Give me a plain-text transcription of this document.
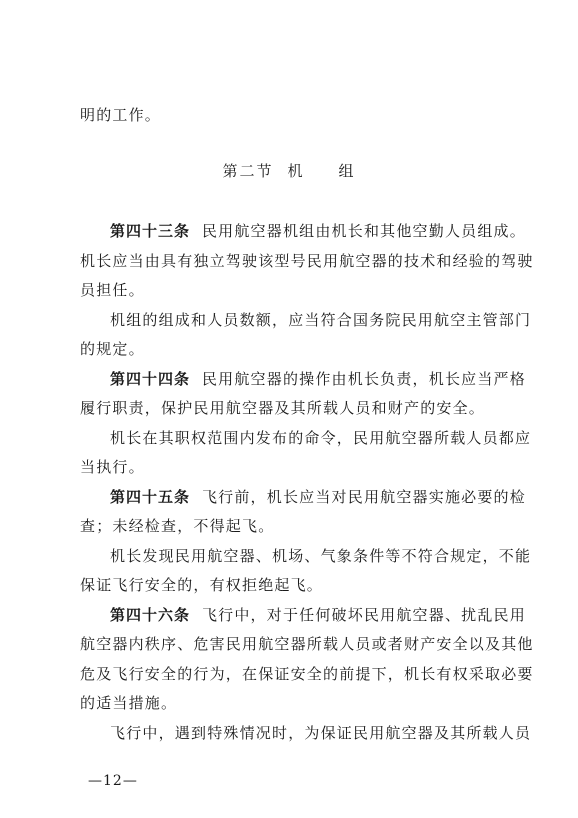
明的工作。
第二节 机 组
第四十三条 民用航空器机组由机长和其他空勤人员组成。
机长应当由具有独立驾驶该型号民用航空器的技术和经验的驾驶
员担任。
机组的组成和人员数额，应当符合国务院民用航空主管部门
的规定。
第四十四条 民用航空器的操作由机长负责，机长应当严格
履行职责，保护民用航空器及其所载人员和财产的安全。
机长在其职权范围内发布的命令，民用航空器所载人员都应
当执行。
第四十五条 飞行前，机长应当对民用航空器实施必要的检
查；未经检查，不得起飞。
机长发现民用航空器、机场、气象条件等不符合规定，不能
保证飞行安全的，有权拒绝起飞。
第四十六条 飞行中，对于任何破坏民用航空器、扰乱民用
航空器内秩序、危害民用航空器所载人员或者财产安全以及其他
危及飞行安全的行为，在保证安全的前提下，机长有权采取必要
的适当措施。
飞行中，遇到特殊情况时，为保证民用航空器及其所载人员
—12—
